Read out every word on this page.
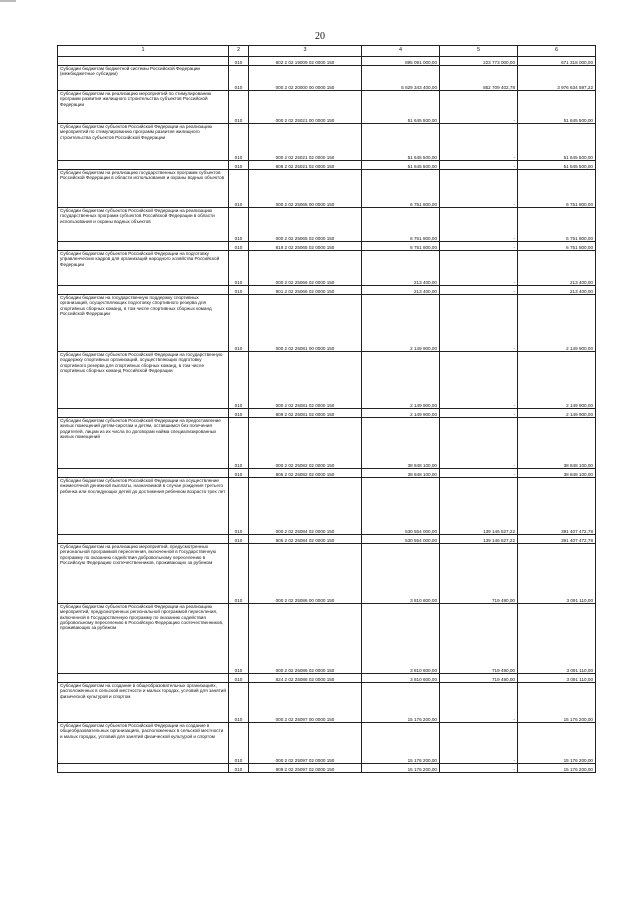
20
1	2	3	4	5	6
	010	802 2 02 19009 02 0000 150	895 091 000,00	223 773 000,00	671 318 000,00
Субсидии бюджетам бюджетной системы Российской Федерации (межбюджетные субсидии)	010	000 2 02 20000 00 0000 150	5 829 343 400,00	852 709 402,78	3 976 634 597,22
Субсидии бюджетам на реализацию мероприятий по стимулированию программ развития жилищного строительства субъектов Российской Федерации	010	000 2 02 25021 00 0000 150	51 645 500,00	-	51 645 500,00
Субсидии бюджетам субъектов Российской Федерации на реализацию мероприятий по стимулированию программ развития жилищного строительства субъектов Российской Федерации	010	000 2 02 25021 02 0000 150	51 645 500,00	-	51 645 500,00
	010	808 2 02 25021 02 0000 150	51 645 500,00	-	51 645 500,00
Субсидии бюджетам на реализацию государственных программ субъектов Российской Федерации в области использования и охраны водных объектов	010	000 2 02 25065 00 0000 150	6 751 800,00	-	6 751 800,00
Субсидии бюджетам субъектов Российской Федерации на реализацию государственных программ субъектов Российской Федерации в области использования и охраны водных объектов	010	000 2 02 25065 02 0000 150	6 751 800,00	-	6 751 800,00
	010	819 2 02 25065 02 0000 150	6 751 800,00	-	6 751 800,00
Субсидии бюджетам субъектов Российской Федерации на подготовку управленческих кадров для организаций народного хозяйства Российской Федерации	010	000 2 02 25066 02 0000 150	213 400,00	-	213 400,00
	010	801 2 02 25066 02 0000 150	213 400,00	-	213 400,00
Субсидии бюджетам на государственную поддержку спортивных организаций, осуществляющих подготовку спортивного резерва для спортивных сборных команд, в том числе спортивных сборных команд Российской Федерации	010	000 2 02 25081 00 0000 150	2 149 900,00	-	2 149 900,00
Субсидии бюджетам субъектов Российской Федерации на государственную поддержку спортивных организаций, осуществляющих подготовку спортивного резерва для спортивных сборных команд, в том числе спортивных сборных команд Российской Федерации	010	000 2 02 25081 02 0000 150	2 149 900,00	-	2 149 900,00
	010	809 2 02 25081 02 0000 150	2 149 900,00	-	2 149 900,00
Субсидии бюджетам субъектов Российской Федерации на предоставление жилых помещений детям-сиротам и детям, оставшимся без попечения родителей, лицам из их числа по договорам найма специализированных жилых помещений	010	000 2 02 25082 02 0000 150	38 848 100,00	-	38 848 100,00
	010	805 2 02 25082 02 0000 150	38 848 100,00	-	38 848 100,00
Субсидии бюджетам субъектов Российской Федерации на осуществление ежемесячной денежной выплаты, назначаемой в случае рождения третьего ребенка или последующих детей до достижения ребенком возраста трех лет	010	000 2 02 25084 02 0000 150	530 554 000,00	139 146 527,22	391 407 472,78
	010	805 2 02 25084 02 0000 150	530 554 000,00	139 146 527,22	391 407 472,78
Субсидии бюджетам на реализацию мероприятий, предусмотренных региональной программой переселения, включенной в Государственную программу по оказанию содействия добровольному переселению в Российскую Федерацию соотечественников, проживающих за рубежом	010	000 2 02 25086 00 0000 150	3 810 600,00	719 490,00	3 091 110,00
Субсидии бюджетам субъектов Российской Федерации на реализацию мероприятий, предусмотренных региональной программой переселения, включенной в Государственную программу по оказанию содействия добровольному переселению в Российскую Федерацию соотечественников, проживающих за рубежом	010	000 2 02 25086 02 0000 150	3 810 600,00	719 490,00	3 091 110,00
	010	824 2 02 25086 02 0000 150	3 810 600,00	719 490,00	3 091 110,00
Субсидии бюджетам на создание в общеобразовательных организациях, расположенных в сельской местности и малых городах, условий для занятий физической культурой и спортом	010	000 2 02 25097 00 0000 150	15 176 200,00	-	15 176 200,00
Субсидии бюджетам субъектов Российской Федерации на создание в общеобразовательных организациях, расположенных в сельской местности и малых городах, условий для занятий физической культурой и спортом	010	000 2 02 25097 02 0000 150	15 176 200,00	-	15 176 200,00
	010	809 2 02 25097 02 0000 150	15 176 200,00	-	15 176 200,00
